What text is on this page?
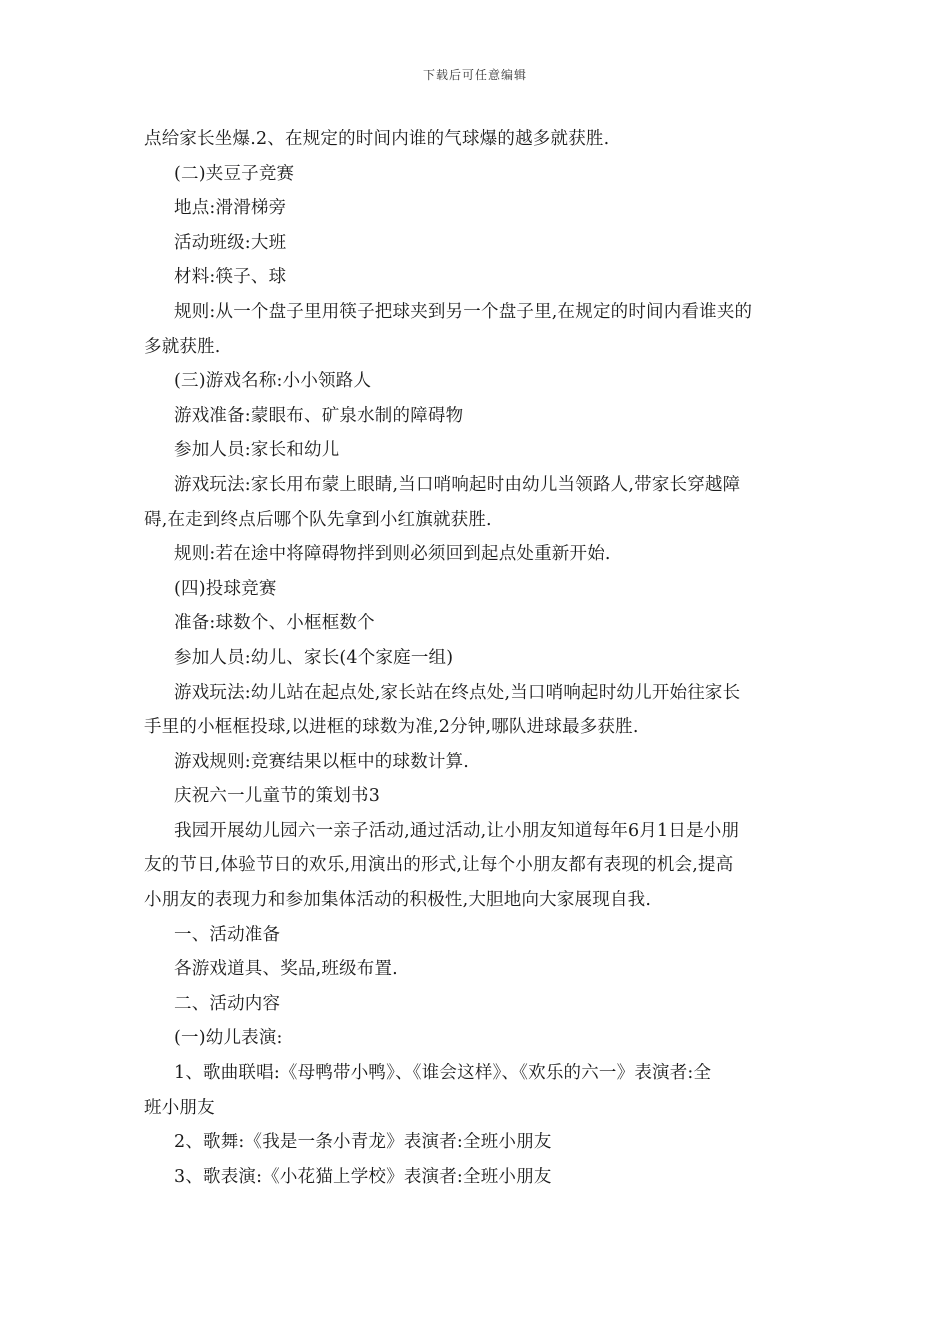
下载后可任意编辑

点给家长坐爆.2、在规定的时间内谁的气球爆的越多就获胜.

(二)夹豆子竞赛

地点:滑滑梯旁

活动班级:大班

材料:筷子、球

规则:从一个盘子里用筷子把球夹到另一个盘子里,在规定的时间内看谁夹的

多就获胜.

(三)游戏名称:小小领路人

游戏准备:蒙眼布、矿泉水制的障碍物

参加人员:家长和幼儿

游戏玩法:家长用布蒙上眼睛,当口哨响起时由幼儿当领路人,带家长穿越障

碍,在走到终点后哪个队先拿到小红旗就获胜.

规则:若在途中将障碍物拌到则必须回到起点处重新开始.

(四)投球竞赛

准备:球数个、小框框数个

参加人员:幼儿、家长(4个家庭一组)

游戏玩法:幼儿站在起点处,家长站在终点处,当口哨响起时幼儿开始往家长

手里的小框框投球,以进框的球数为准,2分钟,哪队进球最多获胜.

游戏规则:竞赛结果以框中的球数计算.

庆祝六一儿童节的策划书3

我园开展幼儿园六一亲子活动,通过活动,让小朋友知道每年6月1日是小朋

友的节日,体验节日的欢乐,用演出的形式,让每个小朋友都有表现的机会,提高

小朋友的表现力和参加集体活动的积极性,大胆地向大家展现自我.

一、活动准备

各游戏道具、奖品,班级布置.

二、活动内容

(一)幼儿表演:

1、歌曲联唱:《母鸭带小鸭》、《谁会这样》、《欢乐的六一》表演者:全

班小朋友

2、歌舞:《我是一条小青龙》表演者:全班小朋友

3、歌表演:《小花猫上学校》表演者:全班小朋友
